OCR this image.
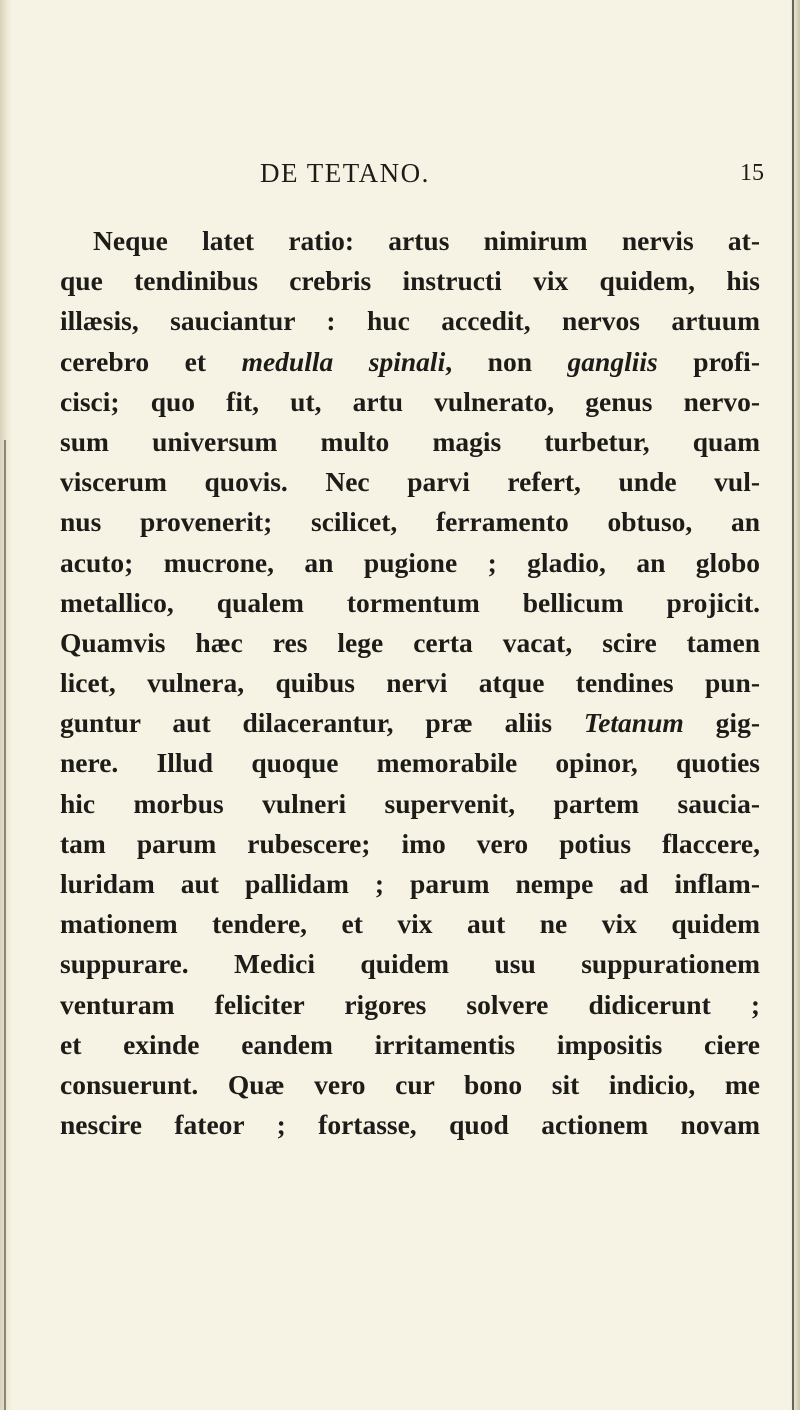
DE TETANO.	15
Neque latet ratio: artus nimirum nervis at-
que tendinibus crebris instructi vix quidem, his
illæsis, sauciantur : huc accedit, nervos artuum
cerebro et medulla spinali, non gangliis profi-
cisci; quo fit, ut, artu vulnerato, genus nervo-
sum universum multo magis turbetur, quam
viscerum quovis. Nec parvi refert, unde vul-
nus provenerit; scilicet, ferramento obtuso, an
acuto; mucrone, an pugione ; gladio, an globo
metallico, qualem tormentum bellicum projicit.
Quamvis hæc res lege certa vacat, scire tamen
licet, vulnera, quibus nervi atque tendines pun-
guntur aut dilacerantur, præ aliis Tetanum gig-
nere. Illud quoque memorabile opinor, quoties
hic morbus vulneri supervenit, partem saucia-
tam parum rubescere; imo vero potius flaccere,
luridam aut pallidam ; parum nempe ad inflam-
mationem tendere, et vix aut ne vix quidem
suppurare. Medici quidem usu suppurationem
venturam feliciter rigores solvere didicerunt ;
et exinde eandem irritamentis impositis ciere
consuerunt. Quæ vero cur bono sit indicio, me
nescire fateor ; fortasse, quod actionem novam
